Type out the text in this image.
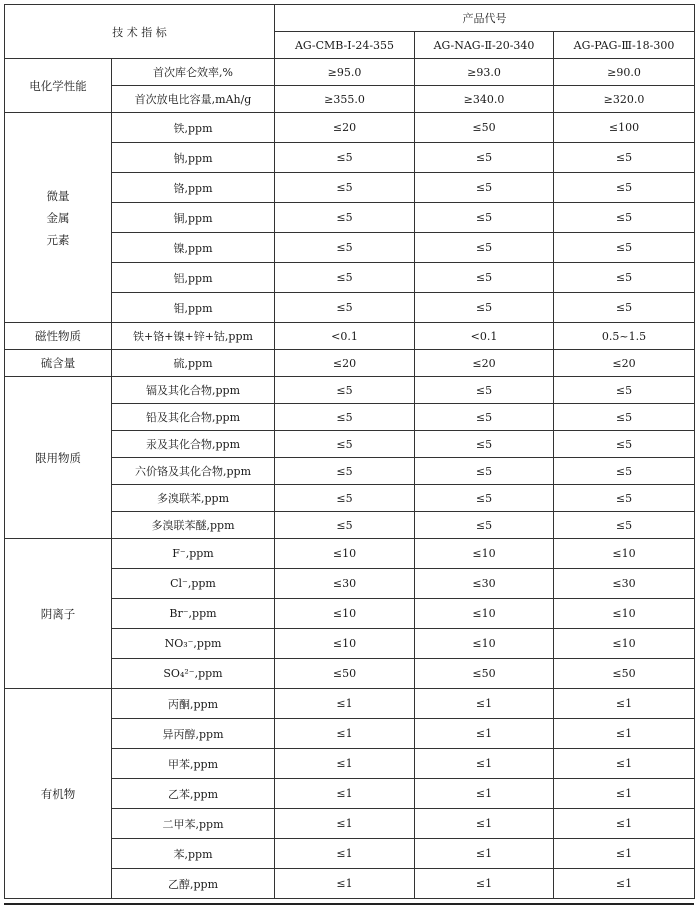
技 术 指 标		产品代号		
		AG-CMB-Ⅰ-24-355	AG-NAG-Ⅱ-20-340	AG-PAG-Ⅲ-18-300
电化学性能	首次库仑效率,%	≥95.0	≥93.0	≥90.0
	首次放电比容量,mAh/g	≥355.0	≥340.0	≥320.0
微量
金属
元素	铁,ppm	≤20	≤50	≤100
	钠,ppm	≤5	≤5	≤5
	铬,ppm	≤5	≤5	≤5
	铜,ppm	≤5	≤5	≤5
	镍,ppm	≤5	≤5	≤5
	铝,ppm	≤5	≤5	≤5
	钼,ppm	≤5	≤5	≤5
磁性物质	铁+铬+镍+锌+钴,ppm	<0.1	<0.1	0.5~1.5
硫含量	硫,ppm	≤20	≤20	≤20
限用物质	镉及其化合物,ppm	≤5	≤5	≤5
	铅及其化合物,ppm	≤5	≤5	≤5
	汞及其化合物,ppm	≤5	≤5	≤5
	六价铬及其化合物,ppm	≤5	≤5	≤5
	多溴联苯,ppm	≤5	≤5	≤5
	多溴联苯醚,ppm	≤5	≤5	≤5
阴离子	F⁻,ppm	≤10	≤10	≤10
	Cl⁻,ppm	≤30	≤30	≤30
	Br⁻,ppm	≤10	≤10	≤10
	NO₃⁻,ppm	≤10	≤10	≤10
	SO₄²⁻,ppm	≤50	≤50	≤50
有机物	丙酮,ppm	≤1	≤1	≤1
	异丙醇,ppm	≤1	≤1	≤1
	甲苯,ppm	≤1	≤1	≤1
	乙苯,ppm	≤1	≤1	≤1
	二甲苯,ppm	≤1	≤1	≤1
	苯,ppm	≤1	≤1	≤1
	乙醇,ppm	≤1	≤1	≤1
